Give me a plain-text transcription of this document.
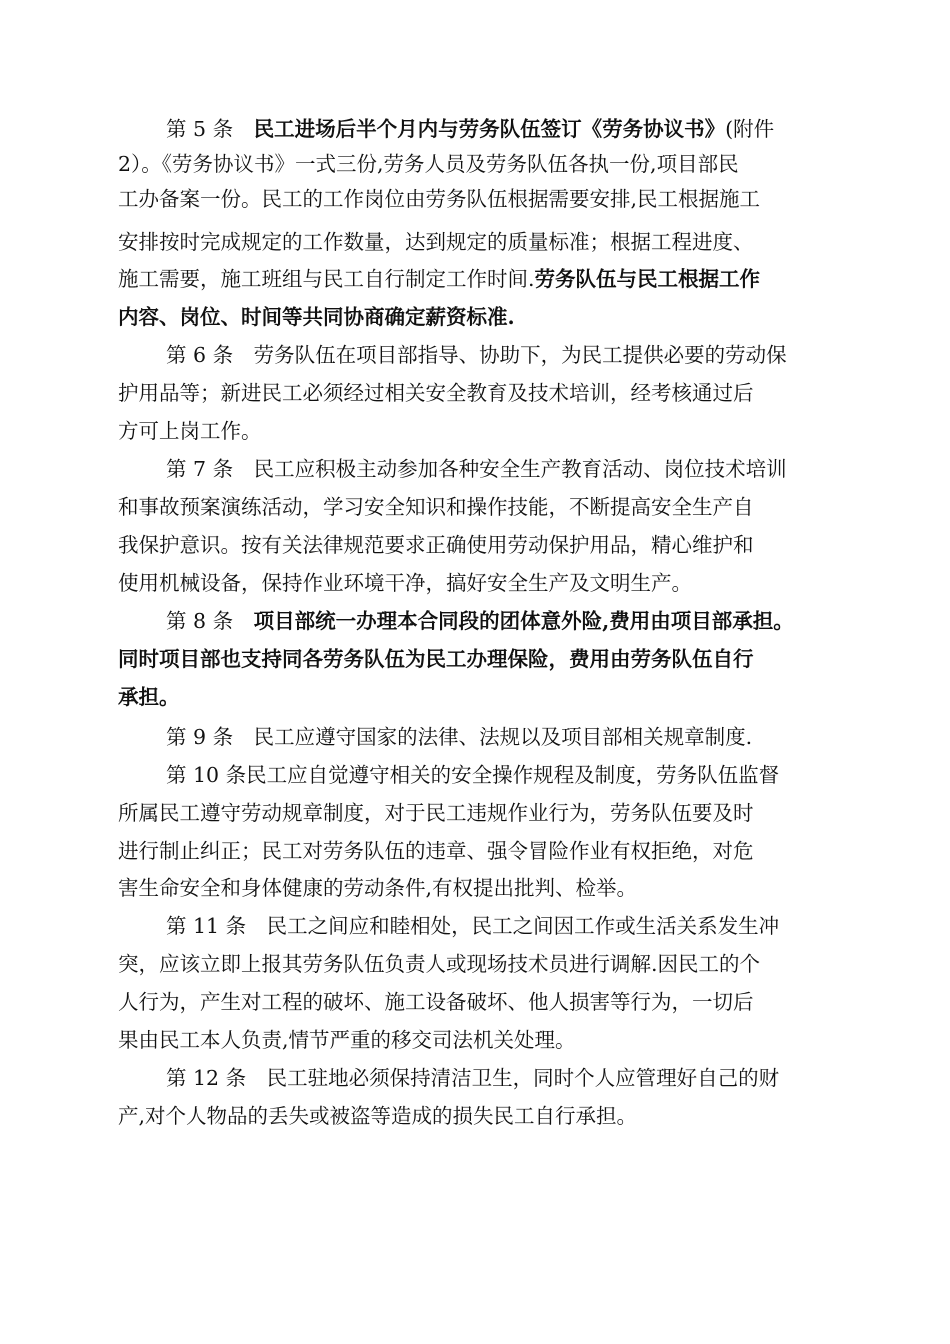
第 5 条　民工进场后半个月内与劳务队伍签订《劳务协议书》(附件
2）。《劳务协议书》一式三份,劳务人员及劳务队伍各执一份,项目部民
工办备案一份。民工的工作岗位由劳务队伍根据需要安排,民工根据施工
安排按时完成规定的工作数量，达到规定的质量标准；根据工程进度、
施工需要，施工班组与民工自行制定工作时间.劳务队伍与民工根据工作
内容、岗位、时间等共同协商确定薪资标准.
第 6 条　劳务队伍在项目部指导、协助下，为民工提供必要的劳动保
护用品等；新进民工必须经过相关安全教育及技术培训，经考核通过后
方可上岗工作。
第 7 条　民工应积极主动参加各种安全生产教育活动、岗位技术培训
和事故预案演练活动，学习安全知识和操作技能，不断提高安全生产自
我保护意识。按有关法律规范要求正确使用劳动保护用品，精心维护和
使用机械设备，保持作业环境干净，搞好安全生产及文明生产。
第 8 条　项目部统一办理本合同段的团体意外险,费用由项目部承担。
同时项目部也支持同各劳务队伍为民工办理保险，费用由劳务队伍自行
承担。
第 9 条　民工应遵守国家的法律、法规以及项目部相关规章制度.
第 10 条民工应自觉遵守相关的安全操作规程及制度，劳务队伍监督
所属民工遵守劳动规章制度，对于民工违规作业行为，劳务队伍要及时
进行制止纠正；民工对劳务队伍的违章、强令冒险作业有权拒绝，对危
害生命安全和身体健康的劳动条件,有权提出批判、检举。
第 11 条　民工之间应和睦相处，民工之间因工作或生活关系发生冲
突，应该立即上报其劳务队伍负责人或现场技术员进行调解.因民工的个
人行为，产生对工程的破坏、施工设备破坏、他人损害等行为，一切后
果由民工本人负责,情节严重的移交司法机关处理。
第 12 条　民工驻地必须保持清洁卫生，同时个人应管理好自己的财
产,对个人物品的丢失或被盗等造成的损失民工自行承担。
